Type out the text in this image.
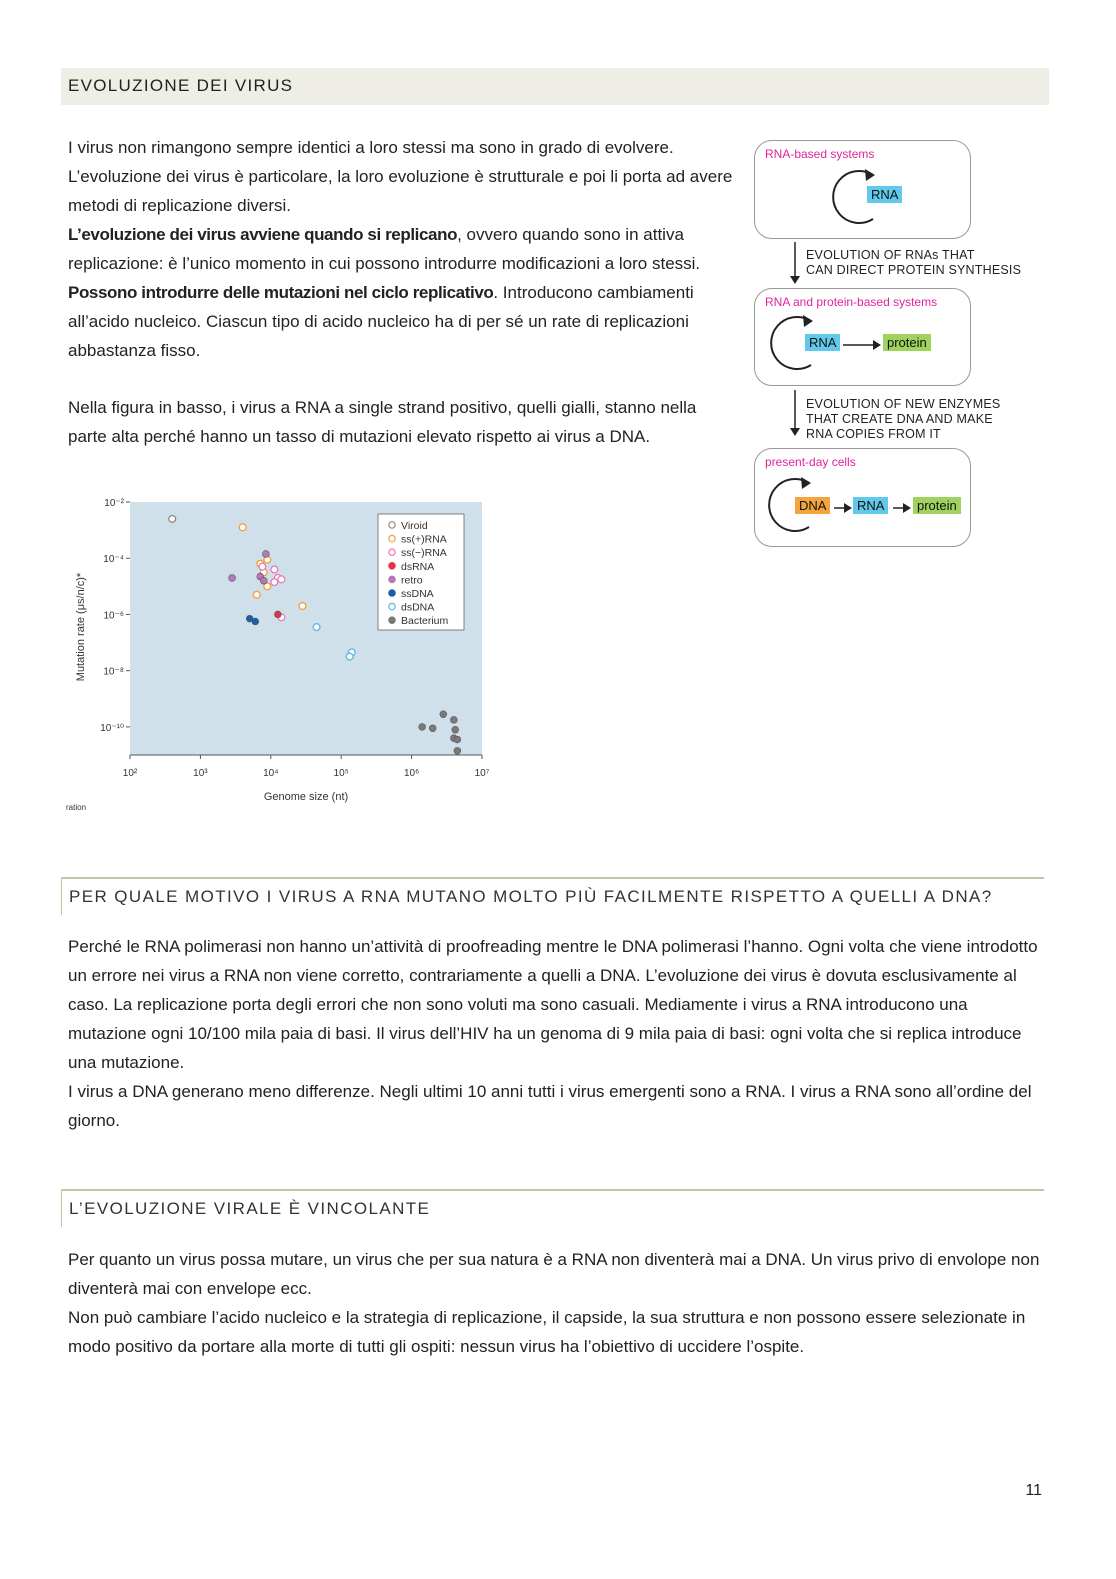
EVOLUZIONE DEI VIRUS

I virus non rimangono sempre identici a loro stessi ma sono in grado di evolvere. L’evoluzione dei virus è particolare, la loro evoluzione è strutturale e poi li porta ad avere metodi di replicazione diversi.

L’evoluzione dei virus avviene quando si replicano, ovvero quando sono in attiva replicazione: è l’unico momento in cui possono introdurre modificazioni a loro stessi. Possono introdurre delle mutazioni nel ciclo replicativo. Introducono cambiamenti all’acido nucleico. Ciascun tipo di acido nucleico ha di per sé un rate di replicazioni abbastanza fisso.

Nella figura in basso, i virus a RNA a single strand positivo, quelli gialli, stanno nella parte alta perché hanno un tasso di mutazioni elevato rispetto ai virus a DNA.

RNA-based systems
RNA
EVOLUTION OF RNAs THAT
CAN DIRECT PROTEIN SYNTHESIS
RNA and protein-based systems
RNA	protein
EVOLUTION OF NEW ENZYMES
THAT CREATE DNA AND MAKE
RNA COPIES FROM IT
present-day cells
DNA	RNA	protein
10⁻²
10⁻⁴
10⁻⁶
10⁻⁸
10⁻¹⁰
10²	10³	10⁴	10⁵	10⁶	10⁷
Viroid
ss(+)RNA
ss(−)RNA
dsRNA
retro
ssDNA
dsDNA
Bacterium
Genome size (nt)
Mutation rate (μs/n/c)*
ration
PER QUALE MOTIVO I VIRUS A RNA MUTANO MOLTO PIÙ FACILMENTE RISPETTO A QUELLI A DNA?

Perché le RNA polimerasi non hanno un’attività di proofreading mentre le DNA polimerasi l’hanno. Ogni volta che viene introdotto un errore nei virus a RNA non viene corretto, contrariamente a quelli a DNA. L’evoluzione dei virus è dovuta esclusivamente al caso. La replicazione porta degli errori che non sono voluti ma sono casuali. Mediamente i virus a RNA introducono una mutazione ogni 10/100 mila paia di basi. Il virus dell’HIV ha un genoma di 9 mila paia di basi: ogni volta che si replica introduce una mutazione.

I virus a DNA generano meno differenze. Negli ultimi 10 anni tutti i virus emergenti sono a RNA. I virus a RNA sono all’ordine del giorno.

L’EVOLUZIONE VIRALE È VINCOLANTE

Per quanto un virus possa mutare, un virus che per sua natura è a RNA non diventerà mai a DNA. Un virus privo di envolope non diventerà mai con envelope ecc.

Non può cambiare l’acido nucleico e la strategia di replicazione, il capside, la sua struttura e non possono essere selezionate in modo positivo da portare alla morte di tutti gli ospiti: nessun virus ha l’obiettivo di uccidere l’ospite.

11
